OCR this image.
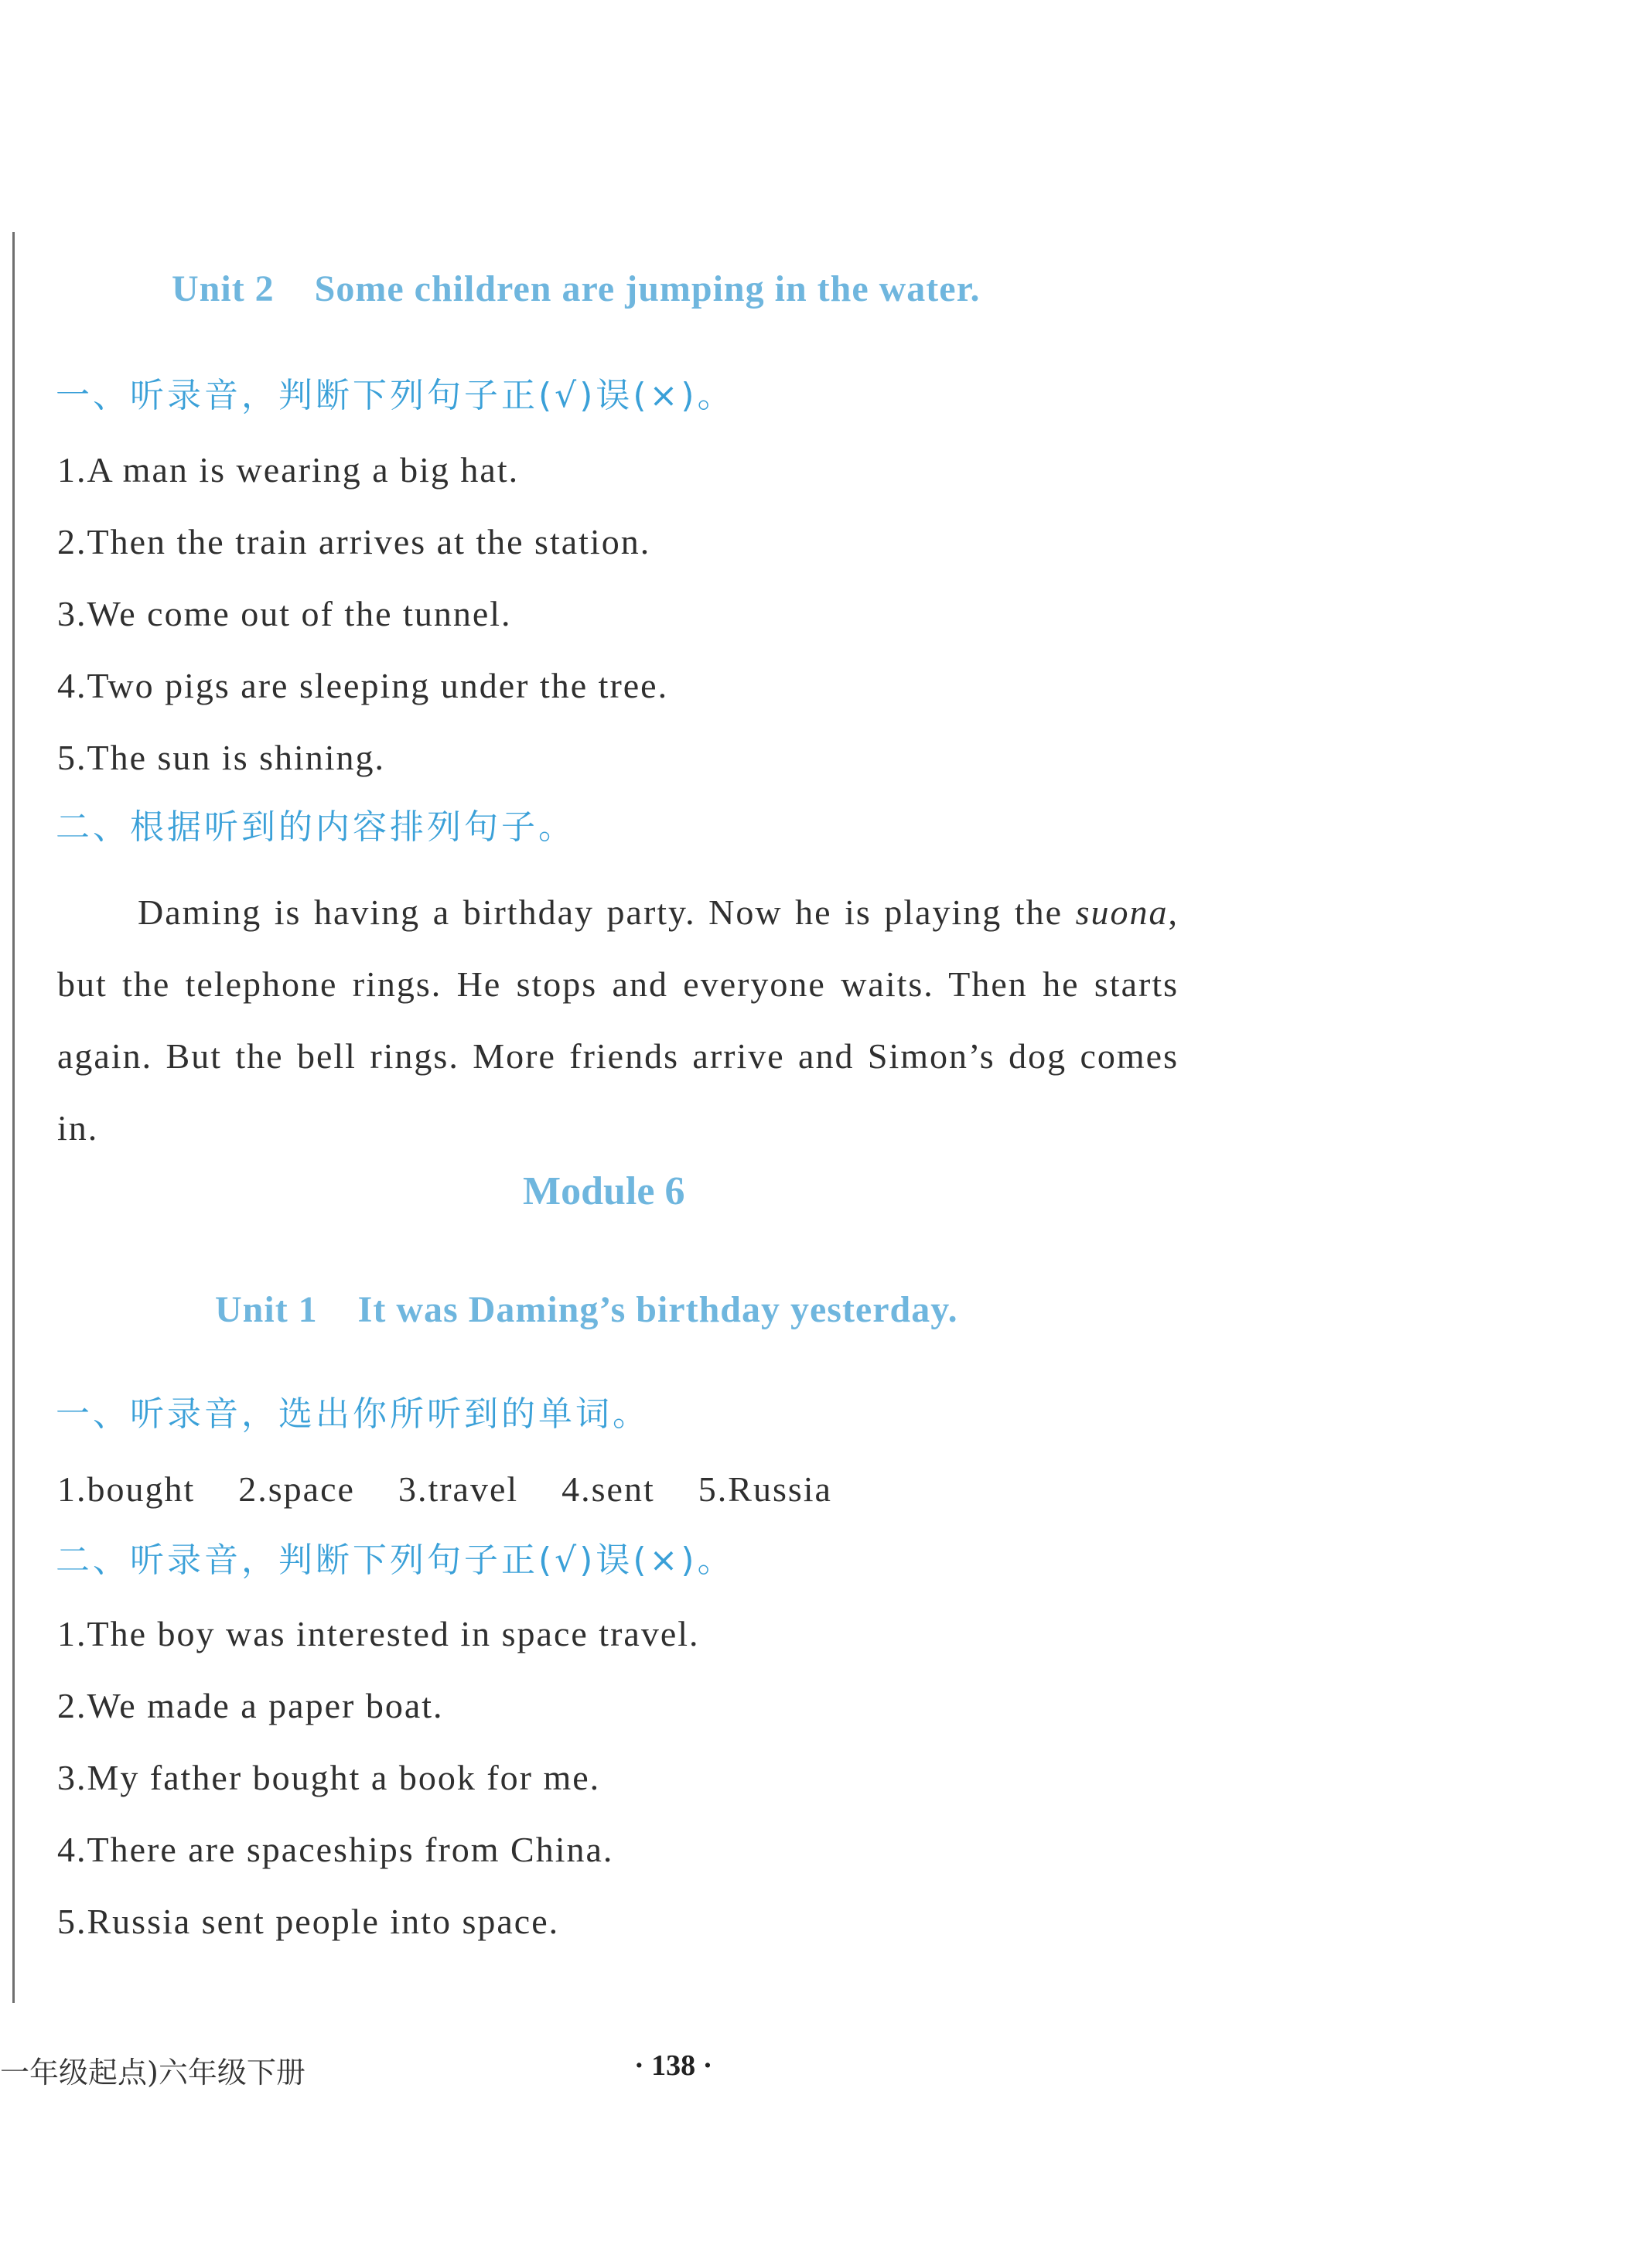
Unit 2    Some children are jumping in the water.
一、听录音，判断下列句子正(√)误(×)。
1.A man is wearing a big hat.
2.Then the train arrives at the station.
3.We come out of the tunnel.
4.Two pigs are sleeping under the tree.
5.The sun is shining.
二、根据听到的内容排列句子。
Daming is having a birthday party. Now he is playing the suona, but the telephone rings. He stops and everyone waits. Then he starts again. But the bell rings. More friends arrive and Simon’s dog comes in.
Module 6
Unit 1    It was Daming’s birthday yesterday.
一、听录音，选出你所听到的单词。
1.bought 2.space 3.travel 4.sent 5.Russia
二、听录音，判断下列句子正(√)误(×)。
1.The boy was interested in space travel.
2.We made a paper boat.
3.My father bought a book for me.
4.There are spaceships from China.
5.Russia sent people into space.
一年级起点)六年级下册	· 138 ·
